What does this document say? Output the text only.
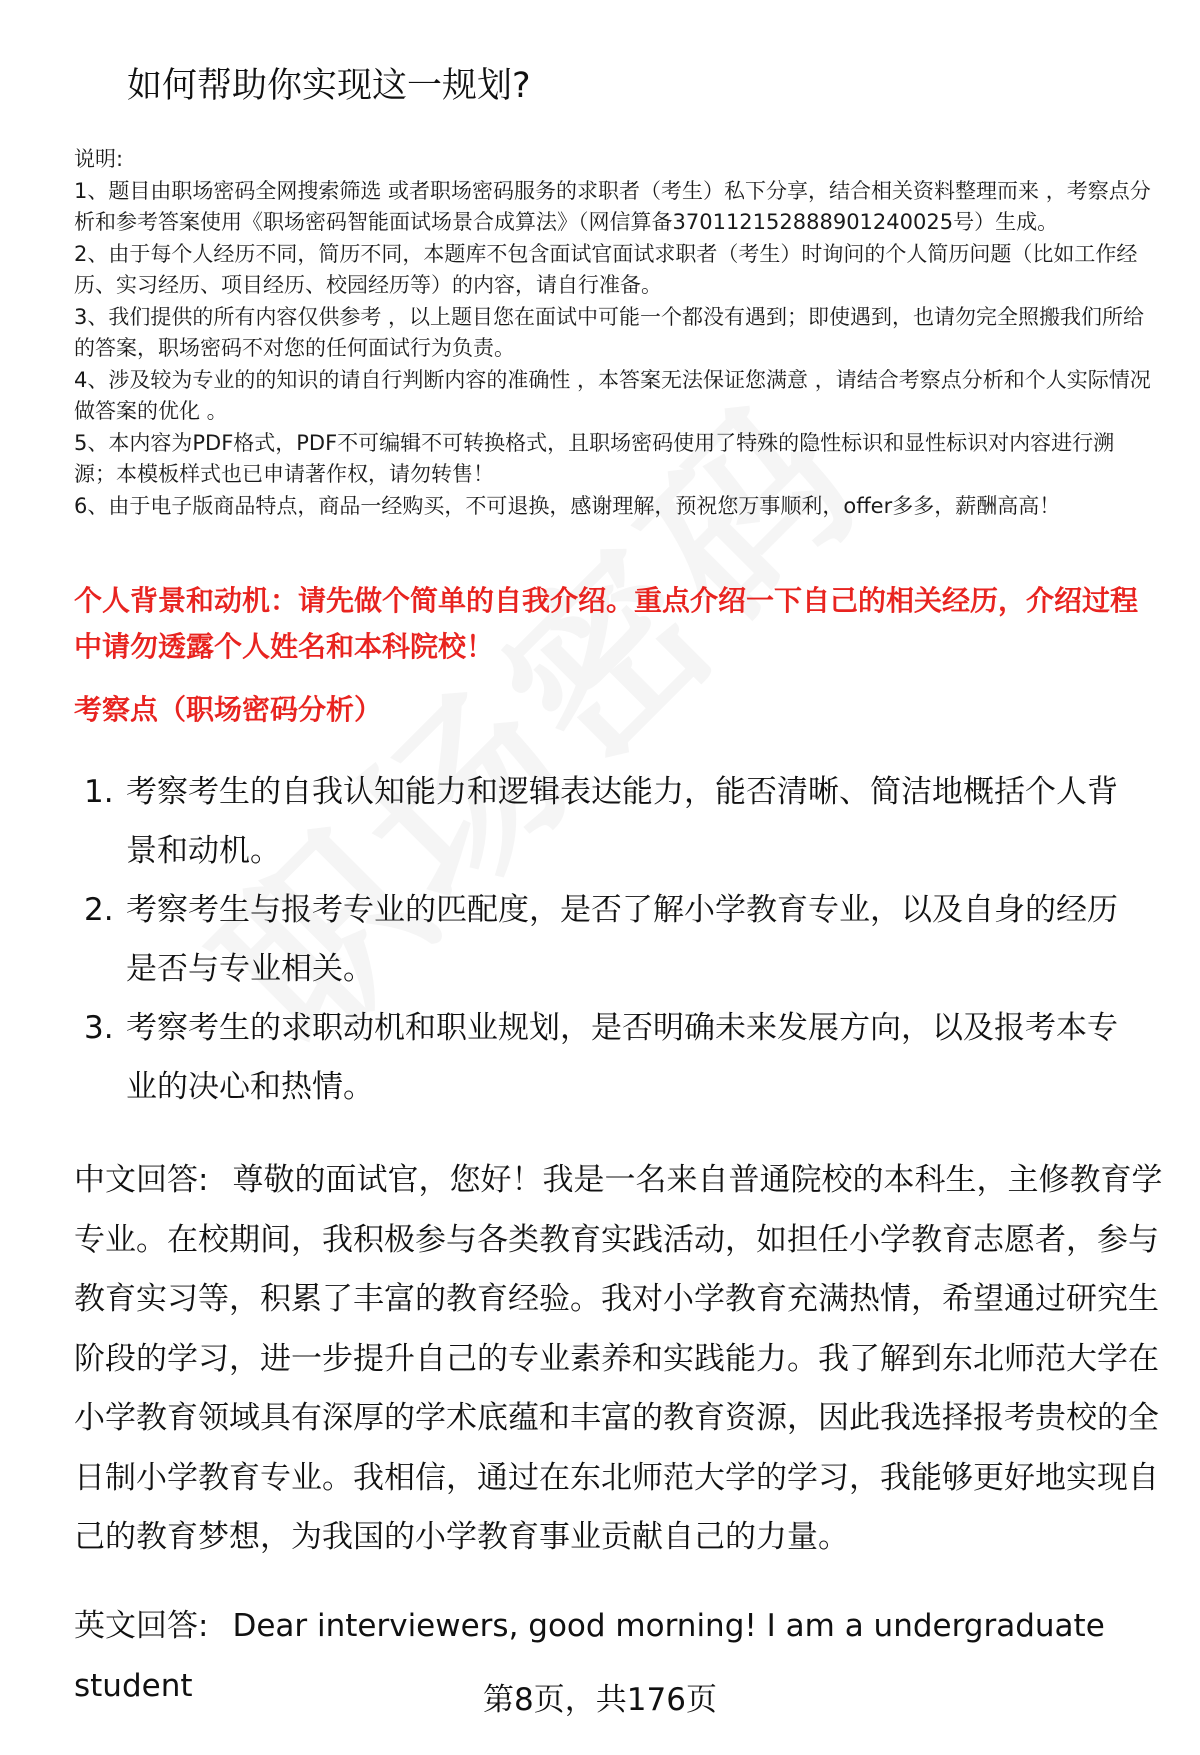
如何帮助你实现这一规划?
说明:
1、题目由职场密码全网搜索筛选 或者职场密码服务的求职者（考生）私下分享，结合相关资料整理而来 ，考察点分析和参考答案使用《职场密码智能面试场景合成算法》（网信算备370112152888901240025号）生成。
2、由于每个人经历不同，简历不同，本题库不包含面试官面试求职者（考生）时询问的个人简历问题（比如工作经历、实习经历、项目经历、校园经历等）的内容，请自行准备。
3、我们提供的所有内容仅供参考 ，以上题目您在面试中可能一个都没有遇到；即使遇到，也请勿完全照搬我们所给的答案，职场密码不对您的任何面试行为负责。
4、涉及较为专业的的知识的请自行判断内容的准确性 ，本答案无法保证您满意 ，请结合考察点分析和个人实际情况做答案的优化 。
5、本内容为PDF格式，PDF不可编辑不可转换格式，且职场密码使用了特殊的隐性标识和显性标识对内容进行溯源；本模板样式也已申请著作权，请勿转售！
6、由于电子版商品特点，商品一经购买，不可退换，感谢理解，预祝您万事顺利，offer多多，薪酬高高！
个人背景和动机：请先做个简单的自我介绍。重点介绍一下自己的相关经历，介绍过程中请勿透露个人姓名和本科院校！
考察点（职场密码分析）
1. 考察考生的自我认知能力和逻辑表达能力，能否清晰、简洁地概括个人背景和动机。
2. 考察考生与报考专业的匹配度，是否了解小学教育专业，以及自身的经历是否与专业相关。
3. 考察考生的求职动机和职业规划，是否明确未来发展方向，以及报考本专业的决心和热情。
中文回答: 尊敬的面试官，您好！我是一名来自普通院校的本科生，主修教育学专业。在校期间，我积极参与各类教育实践活动，如担任小学教育志愿者，参与教育实习等，积累了丰富的教育经验。我对小学教育充满热情，希望通过研究生阶段的学习，进一步提升自己的专业素养和实践能力。我了解到东北师范大学在小学教育领域具有深厚的学术底蕴和丰富的教育资源，因此我选择报考贵校的全日制小学教育专业。我相信，通过在东北师范大学的学习，我能够更好地实现自己的教育梦想，为我国的小学教育事业贡献自己的力量。
英文回答: Dear interviewers, good morning! I am a undergraduate student	第8页，共176页
